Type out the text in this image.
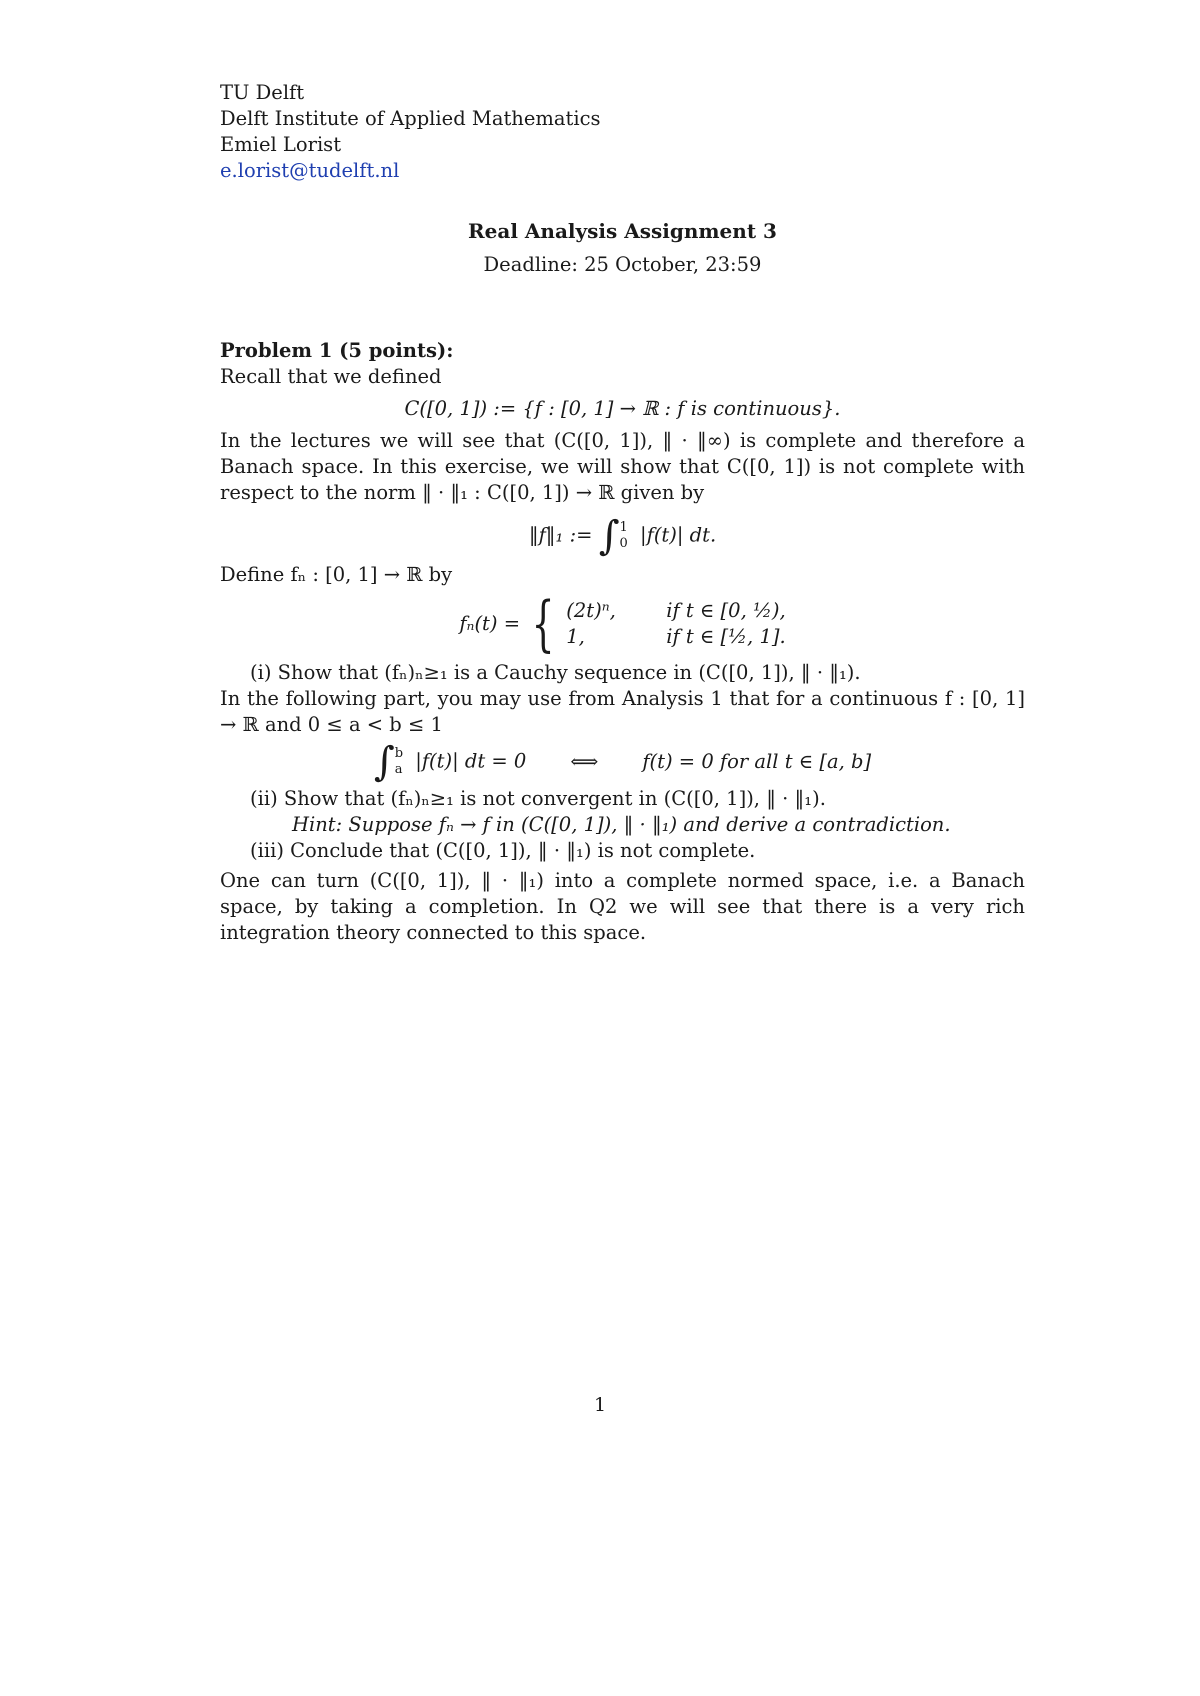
TU Delft
Delft Institute of Applied Mathematics
Emiel Lorist
e.lorist@tudelft.nl
Real Analysis Assignment 3
Deadline: 25 October, 23:59
Problem 1 (5 points):
Recall that we defined
C([0, 1]) := {f : [0, 1] → ℝ : f is continuous}.
In the lectures we will see that (C([0, 1]), ‖ · ‖∞) is complete and therefore a Banach space. In this exercise, we will show that C([0, 1]) is not complete with respect to the norm ‖ · ‖₁ : C([0, 1]) → ℝ given by
‖f‖₁ := ∫ 1
0 |f(t)| dt.
Define fₙ : [0, 1] → ℝ by
fₙ(t) = { (2t)ⁿ,	if t ∈ [0, ½),
1,	if t ∈ [½, 1].
(i) Show that (fₙ)ₙ≥₁ is a Cauchy sequence in (C([0, 1]), ‖ · ‖₁).
In the following part, you may use from Analysis 1 that for a continuous f : [0, 1] → ℝ and 0 ≤ a < b ≤ 1
∫ b
a |f(t)| dt = 0 ⟺ f(t) = 0 for all t ∈ [a, b]
(ii) Show that (fₙ)ₙ≥₁ is not convergent in (C([0, 1]), ‖ · ‖₁).
Hint: Suppose fₙ → f in (C([0, 1]), ‖ · ‖₁) and derive a contradiction.
(iii) Conclude that (C([0, 1]), ‖ · ‖₁) is not complete.
One can turn (C([0, 1]), ‖ · ‖₁) into a complete normed space, i.e. a Banach space, by taking a completion. In Q2 we will see that there is a very rich integration theory connected to this space.
1
